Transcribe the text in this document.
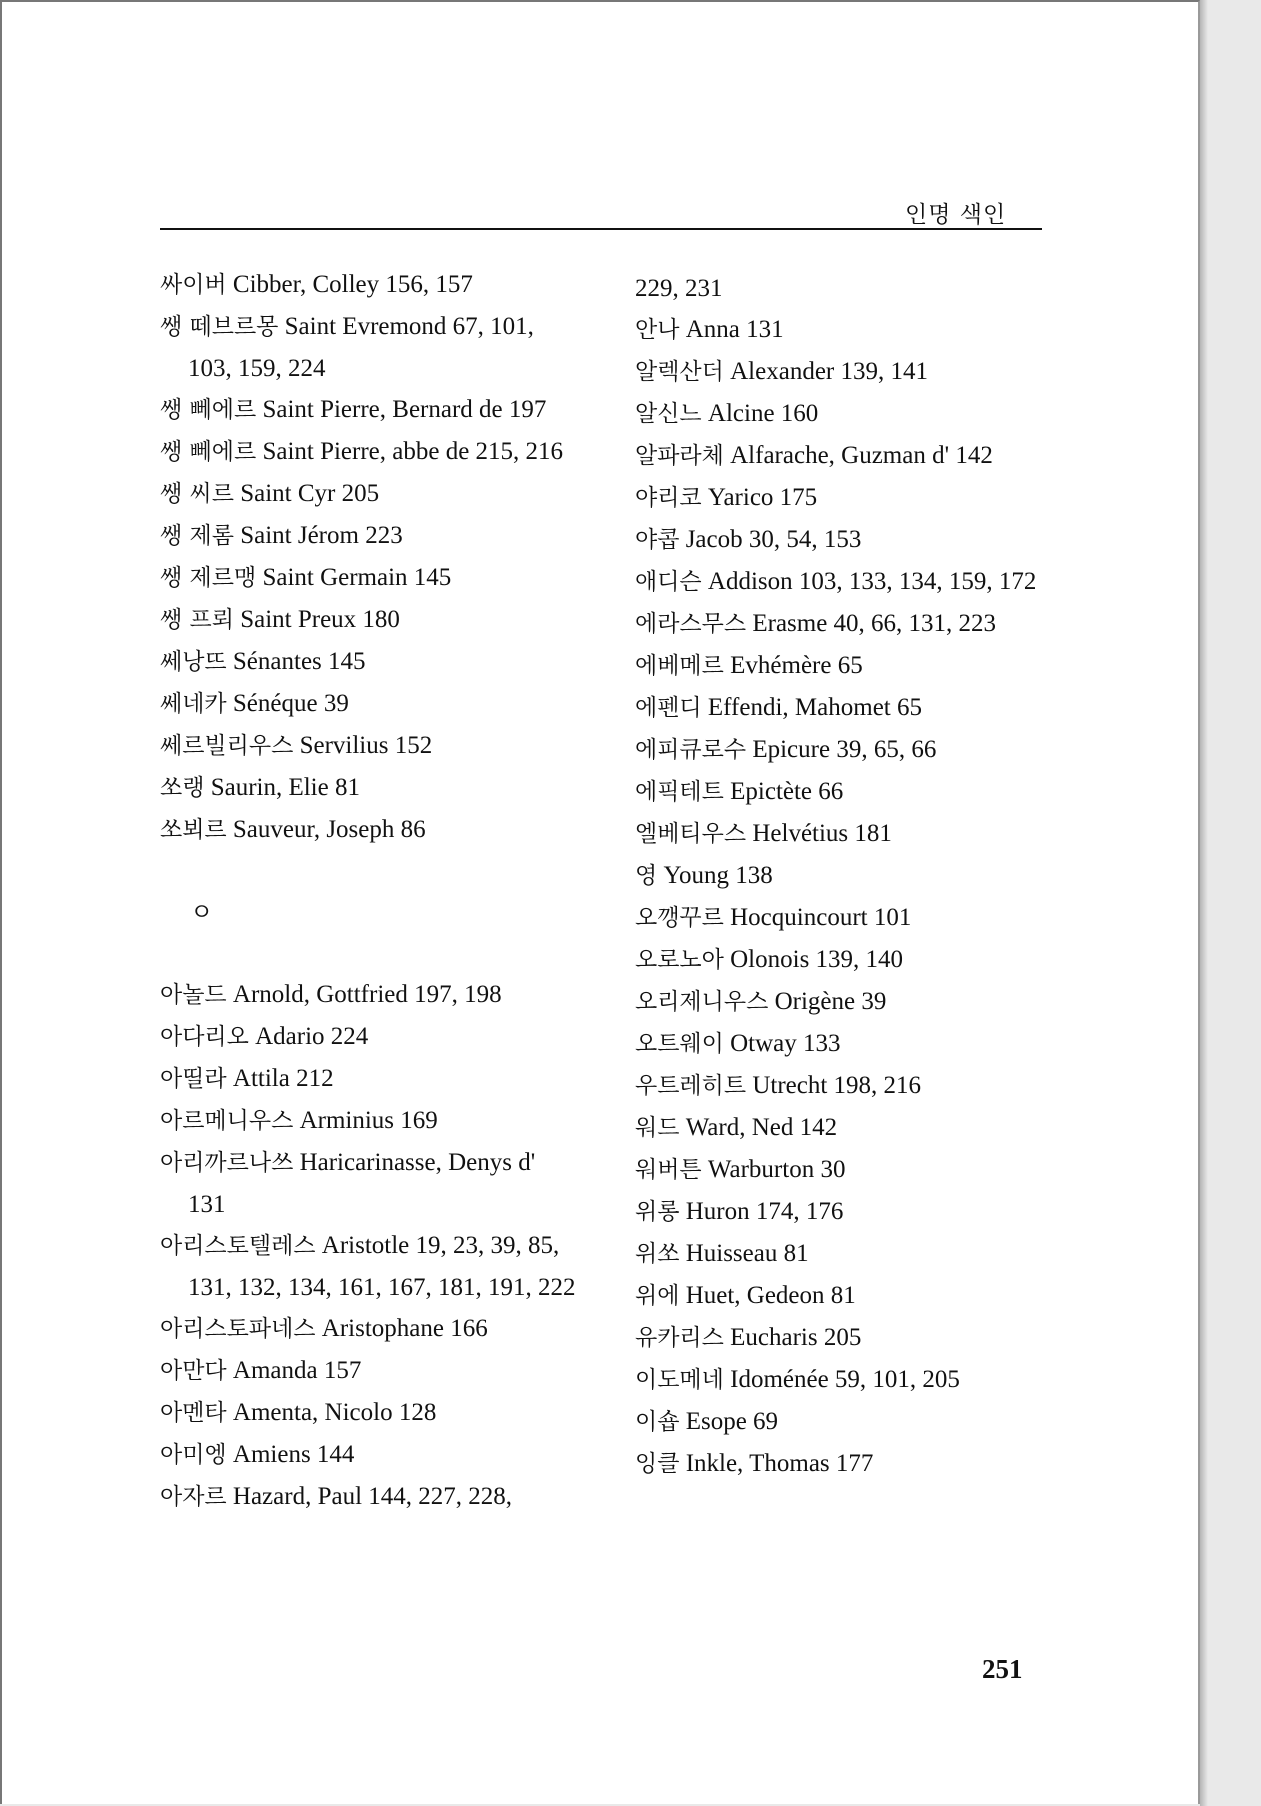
인명 색인

싸이버 Cibber, Colley 156, 157

쌩 떼브르몽 Saint Evremond 67, 101, 103, 159, 224

쌩 뻬에르 Saint Pierre, Bernard de 197

쌩 뻬에르 Saint Pierre, abbe de 215, 216

쌩 씨르 Saint Cyr 205

쌩 제롬 Saint Jérom 223

쌩 제르맹 Saint Germain 145

쌩 프뢰 Saint Preux 180

쎄낭뜨 Sénantes 145

쎄네카 Sénéque 39

쎄르빌리우스 Servilius 152

쏘랭 Saurin, Elie 81

쏘뵈르 Sauveur, Joseph 86

ㅇ

아놀드 Arnold, Gottfried 197, 198

아다리오 Adario 224

아띨라 Attila 212

아르메니우스 Arminius 169

아리까르나쓰 Haricarinasse, Denys d' 131

아리스토텔레스 Aristotle 19, 23, 39, 85, 131, 132, 134, 161, 167, 181, 191, 222

아리스토파네스 Aristophane 166

아만다 Amanda 157

아멘타 Amenta, Nicolo 128

아미엥 Amiens 144

아자르 Hazard, Paul 144, 227, 228,

229, 231

안나 Anna 131

알렉산더 Alexander 139, 141

알신느 Alcine 160

알파라체 Alfarache, Guzman d' 142

야리코 Yarico 175

야콥 Jacob 30, 54, 153

애디슨 Addison 103, 133, 134, 159, 172

에라스무스 Erasme 40, 66, 131, 223

에베메르 Evhémère 65

에펜디 Effendi, Mahomet 65

에피큐로수 Epicure 39, 65, 66

에픽테트 Epictète 66

엘베티우스 Helvétius 181

영 Young 138

오깽꾸르 Hocquincourt 101

오로노아 Olonois 139, 140

오리제니우스 Origène 39

오트웨이 Otway 133

우트레히트 Utrecht 198, 216

워드 Ward, Ned 142

워버튼 Warburton 30

위롱 Huron 174, 176

위쏘 Huisseau 81

위에 Huet, Gedeon 81

유카리스 Eucharis 205

이도메네 Idoménée 59, 101, 205

이숍 Esope 69

잉클 Inkle, Thomas 177

251
